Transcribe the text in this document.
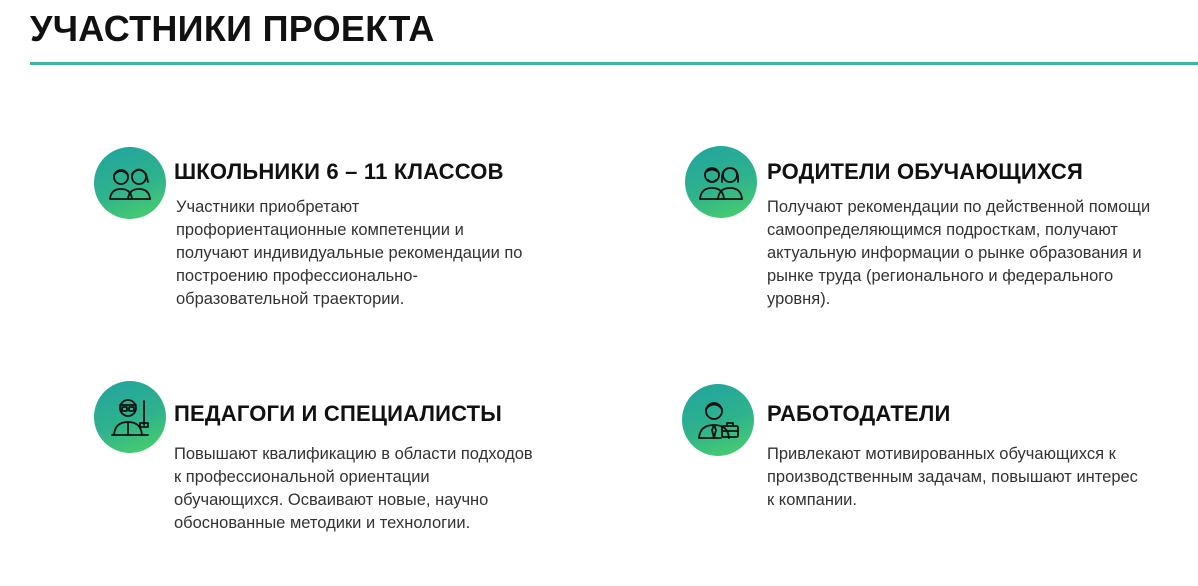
УЧАСТНИКИ ПРОЕКТА
ШКОЛЬНИКИ 6 – 11 КЛАССОВ

Участники приобретают профориентационные компетенции и получают индивидуальные рекомендации по построению профессионально-образовательной траектории.

РОДИТЕЛИ ОБУЧАЮЩИХСЯ

Получают рекомендации по действенной помощи самоопределяющимся подросткам, получают актуальную информации о рынке образования и рынке труда (регионального и федерального уровня).

ПЕДАГОГИ И СПЕЦИАЛИСТЫ

Повышают квалификацию в области подходов к профессиональной ориентации обучающихся. Осваивают новые, научно обоснованные методики и технологии.

РАБОТОДАТЕЛИ

Привлекают мотивированных обучающихся к производственным задачам, повышают интерес к компании.
